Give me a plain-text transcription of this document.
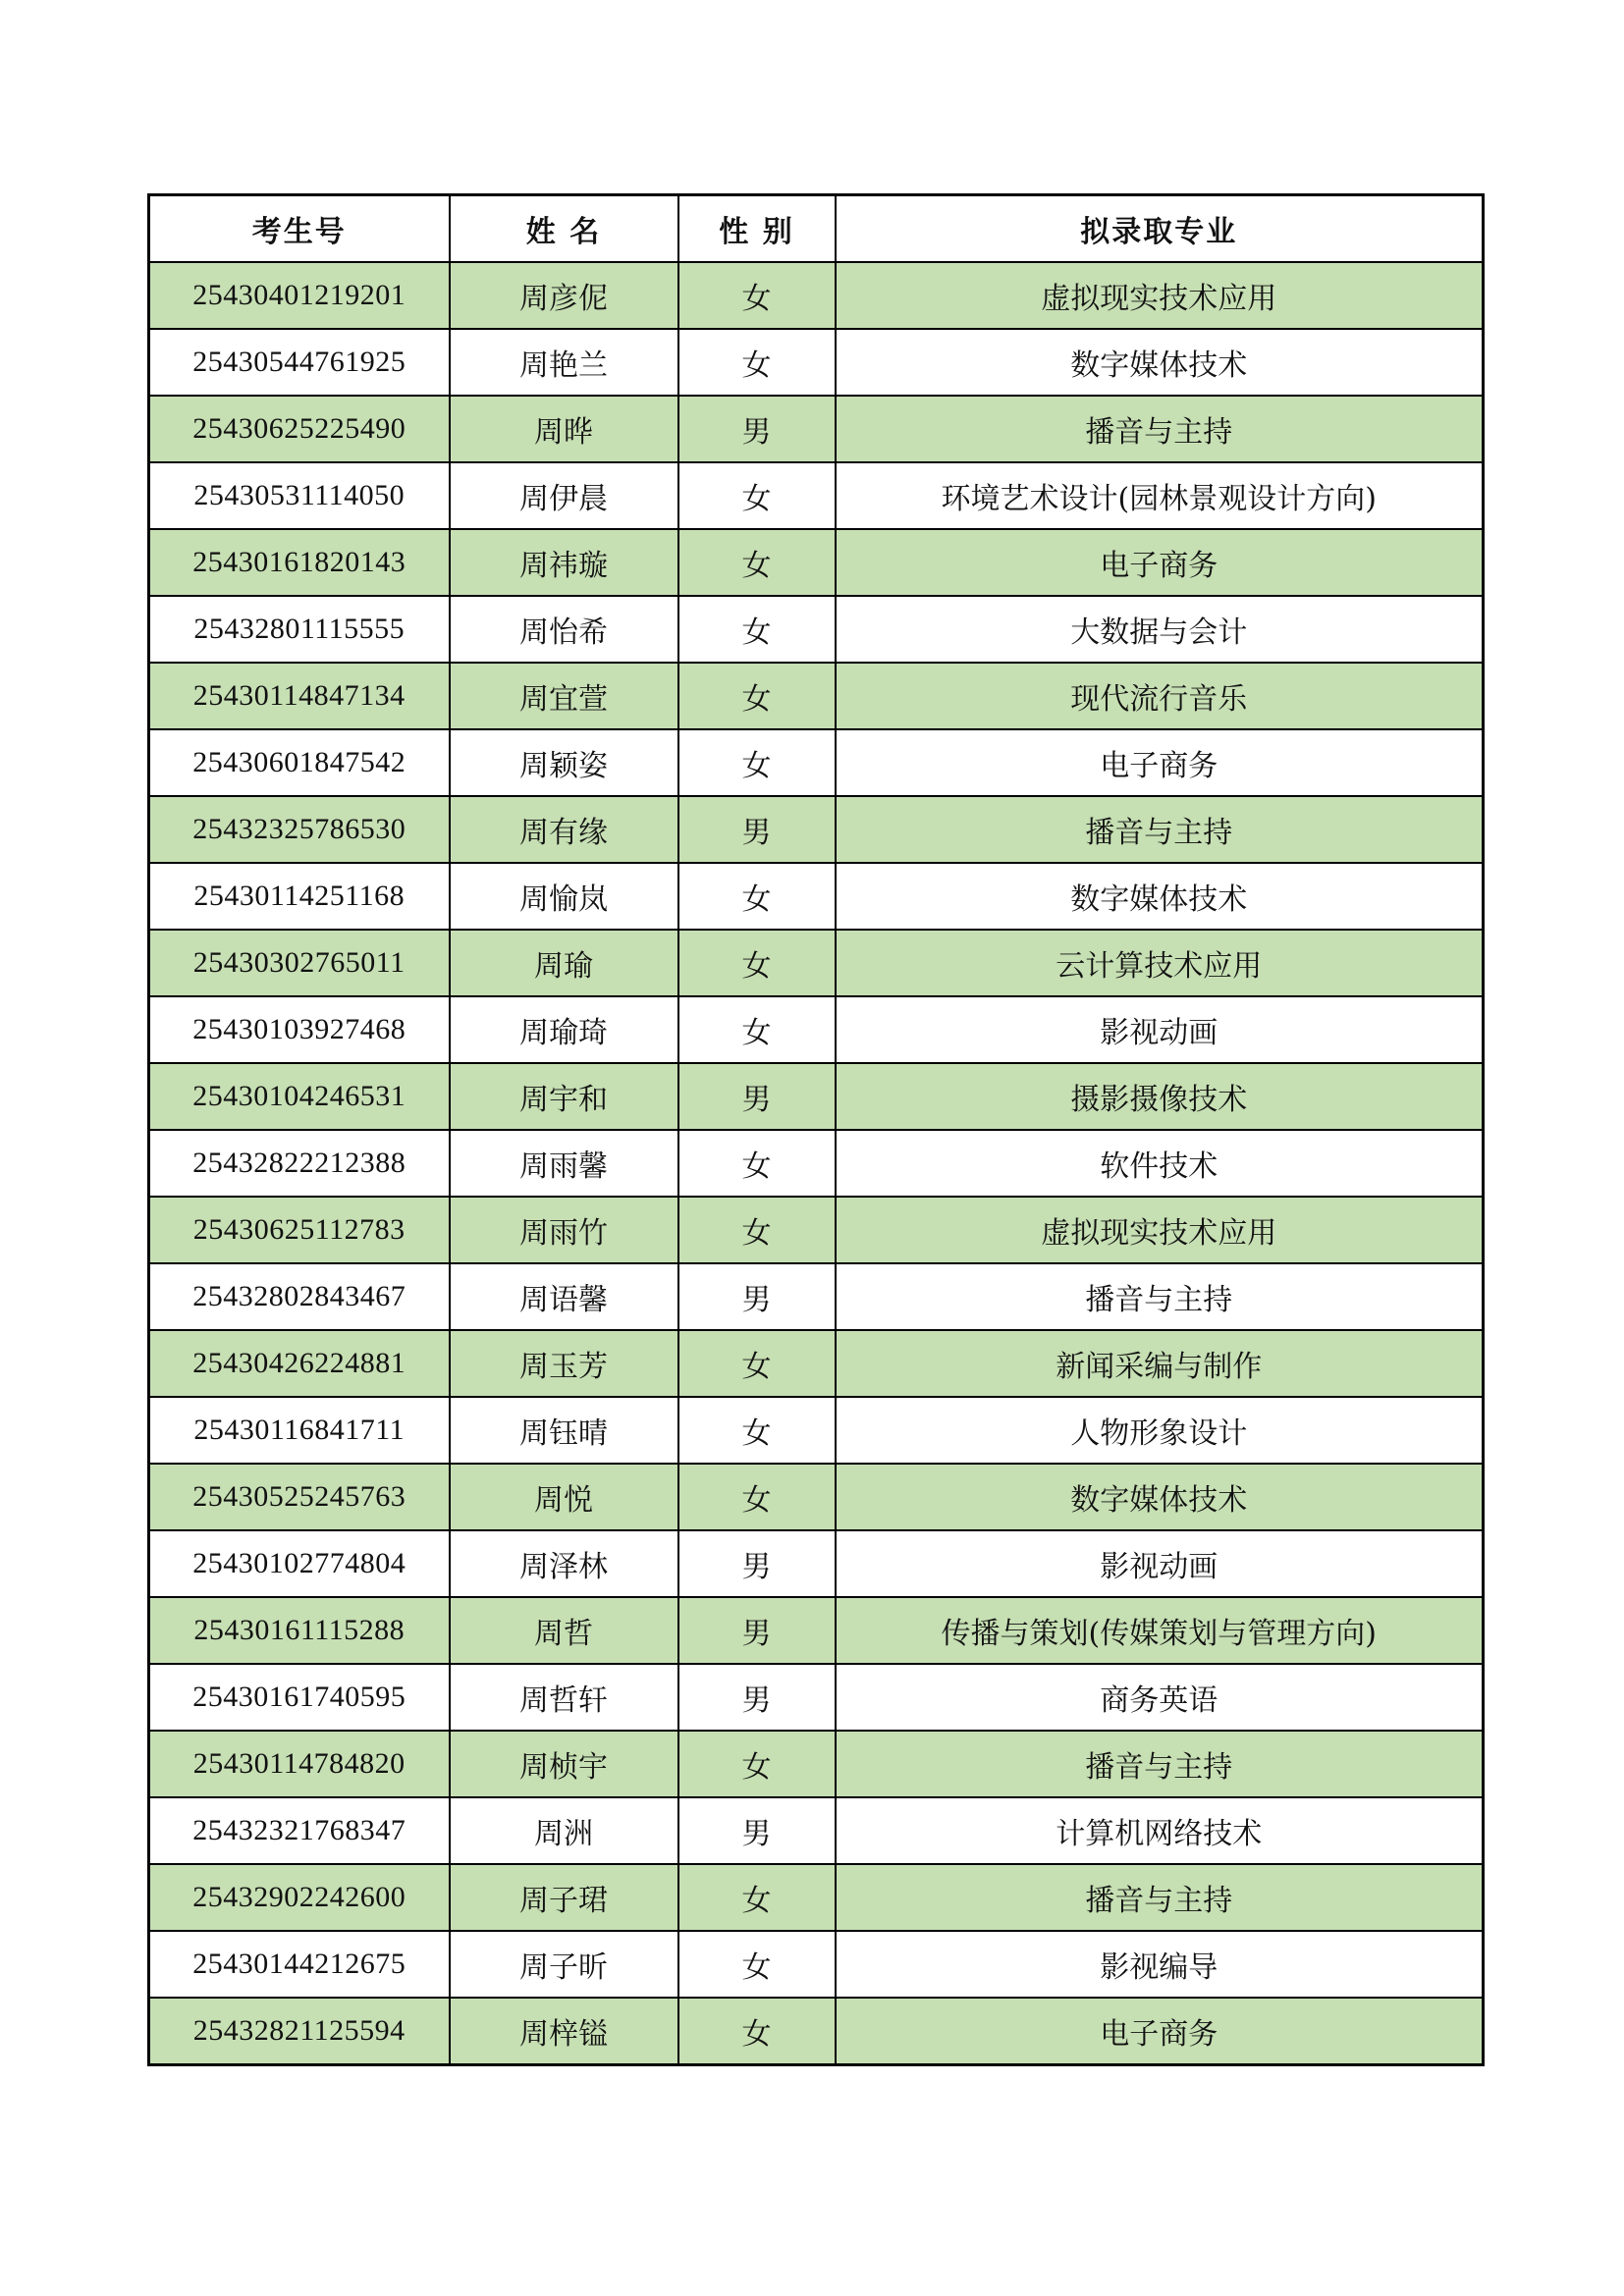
考生号	姓 名	性 别	拟录取专业
25430401219201	周彦伲	女	虚拟现实技术应用
25430544761925	周艳兰	女	数字媒体技术
25430625225490	周晔	男	播音与主持
25430531114050	周伊晨	女	环境艺术设计(园林景观设计方向)
25430161820143	周祎璇	女	电子商务
25432801115555	周怡希	女	大数据与会计
25430114847134	周宜萱	女	现代流行音乐
25430601847542	周颖姿	女	电子商务
25432325786530	周有缘	男	播音与主持
25430114251168	周愉岚	女	数字媒体技术
25430302765011	周瑜	女	云计算技术应用
25430103927468	周瑜琦	女	影视动画
25430104246531	周宇和	男	摄影摄像技术
25432822212388	周雨馨	女	软件技术
25430625112783	周雨竹	女	虚拟现实技术应用
25432802843467	周语馨	男	播音与主持
25430426224881	周玉芳	女	新闻采编与制作
25430116841711	周钰晴	女	人物形象设计
25430525245763	周悦	女	数字媒体技术
25430102774804	周泽林	男	影视动画
25430161115288	周哲	男	传播与策划(传媒策划与管理方向)
25430161740595	周哲轩	男	商务英语
25430114784820	周桢宇	女	播音与主持
25432321768347	周洲	男	计算机网络技术
25432902242600	周子珺	女	播音与主持
25430144212675	周子昕	女	影视编导
25432821125594	周梓镒	女	电子商务
